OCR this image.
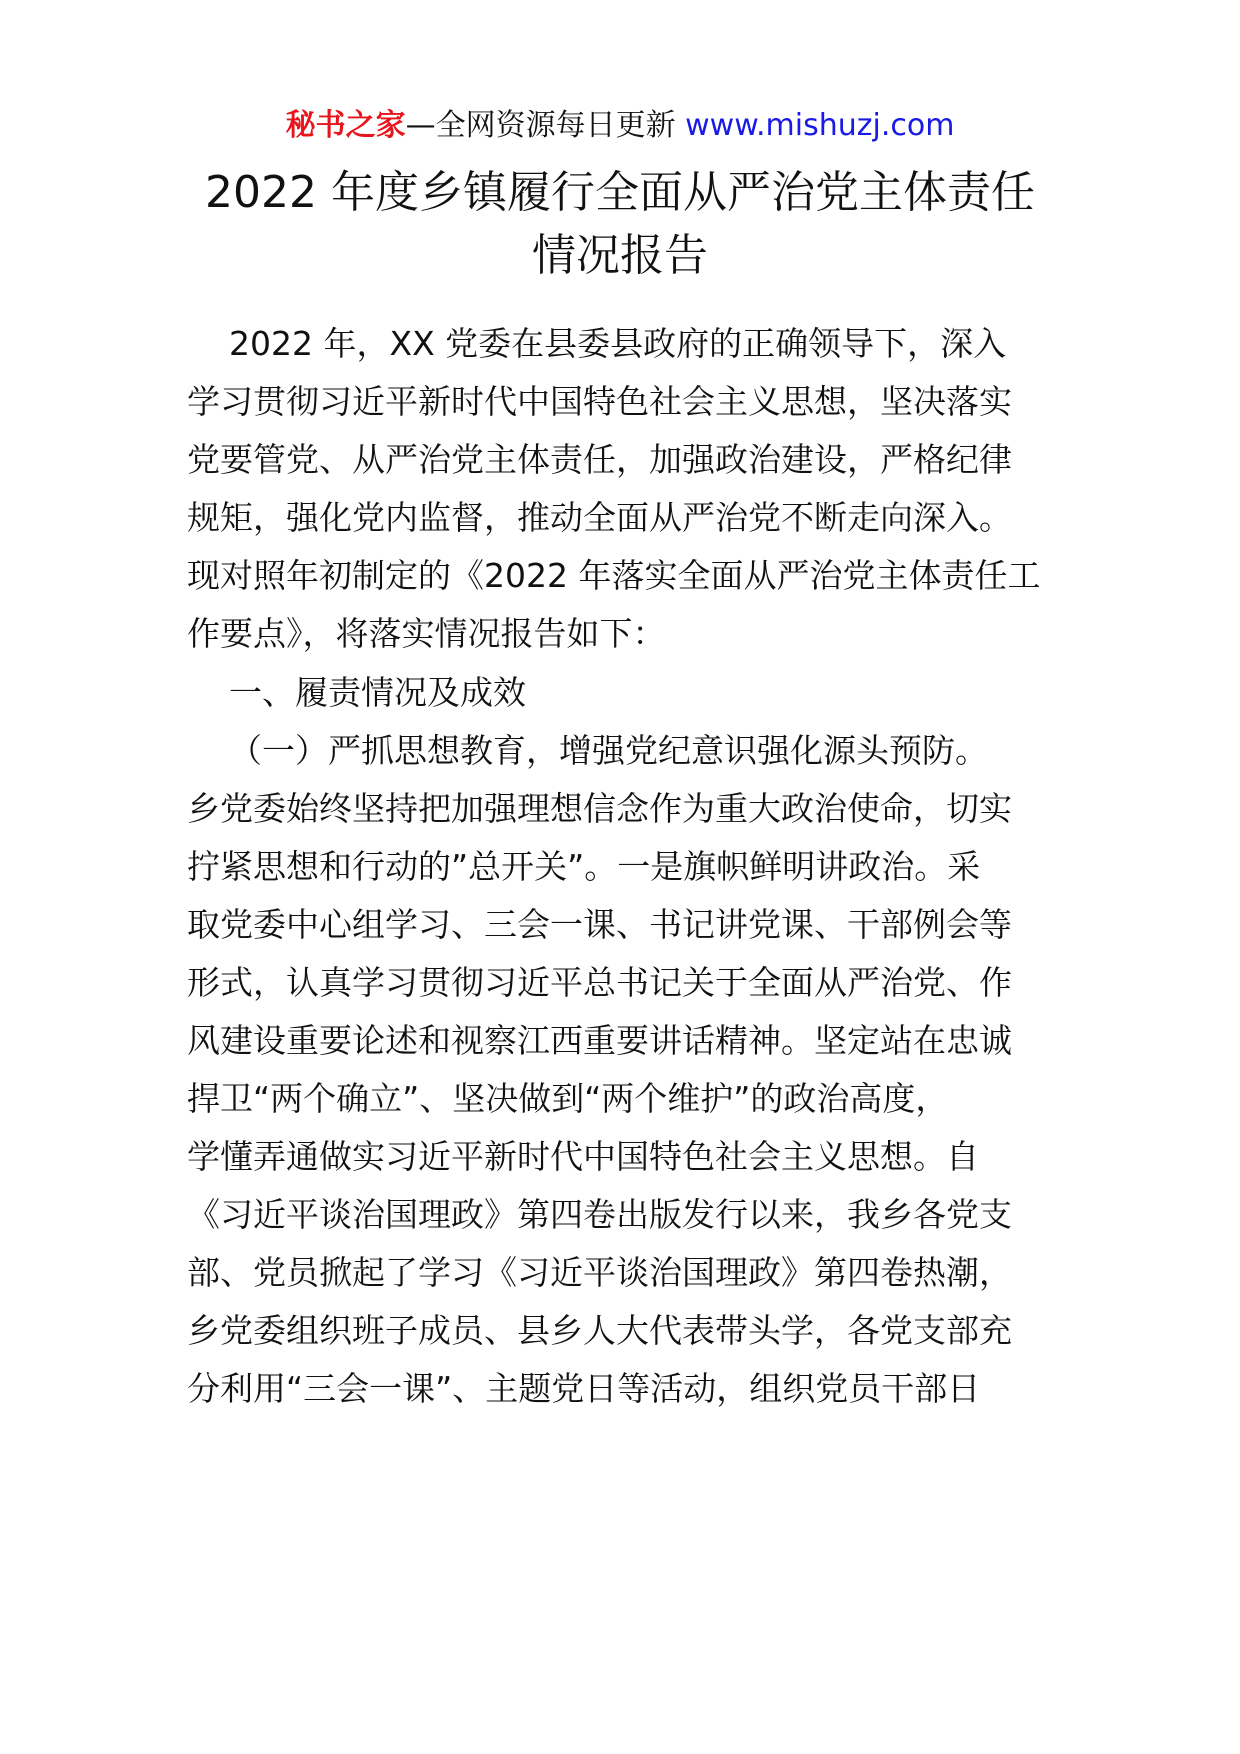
秘书之家—全网资源每日更新 www.mishuzj.com
2022 年度乡镇履行全面从严治党主体责任
情况报告
2022 年，XX 党委在县委县政府的正确领导下，深入
学习贯彻习近平新时代中国特色社会主义思想，坚决落实
党要管党、从严治党主体责任，加强政治建设，严格纪律
规矩，强化党内监督，推动全面从严治党不断走向深入。
现对照年初制定的《2022 年落实全面从严治党主体责任工
作要点》，将落实情况报告如下：
一、履责情况及成效
（一）严抓思想教育，增强党纪意识强化源头预防。
乡党委始终坚持把加强理想信念作为重大政治使命，切实
拧紧思想和行动的”总开关”。一是旗帜鲜明讲政治。采
取党委中心组学习、三会一课、书记讲党课、干部例会等
形式，认真学习贯彻习近平总书记关于全面从严治党、作
风建设重要论述和视察江西重要讲话精神。坚定站在忠诚
捍卫“两个确立”、坚决做到“两个维护”的政治高度，
学懂弄通做实习近平新时代中国特色社会主义思想。自
《习近平谈治国理政》第四卷出版发行以来，我乡各党支
部、党员掀起了学习《习近平谈治国理政》第四卷热潮，
乡党委组织班子成员、县乡人大代表带头学，各党支部充
分利用“三会一课”、主题党日等活动，组织党员干部日
